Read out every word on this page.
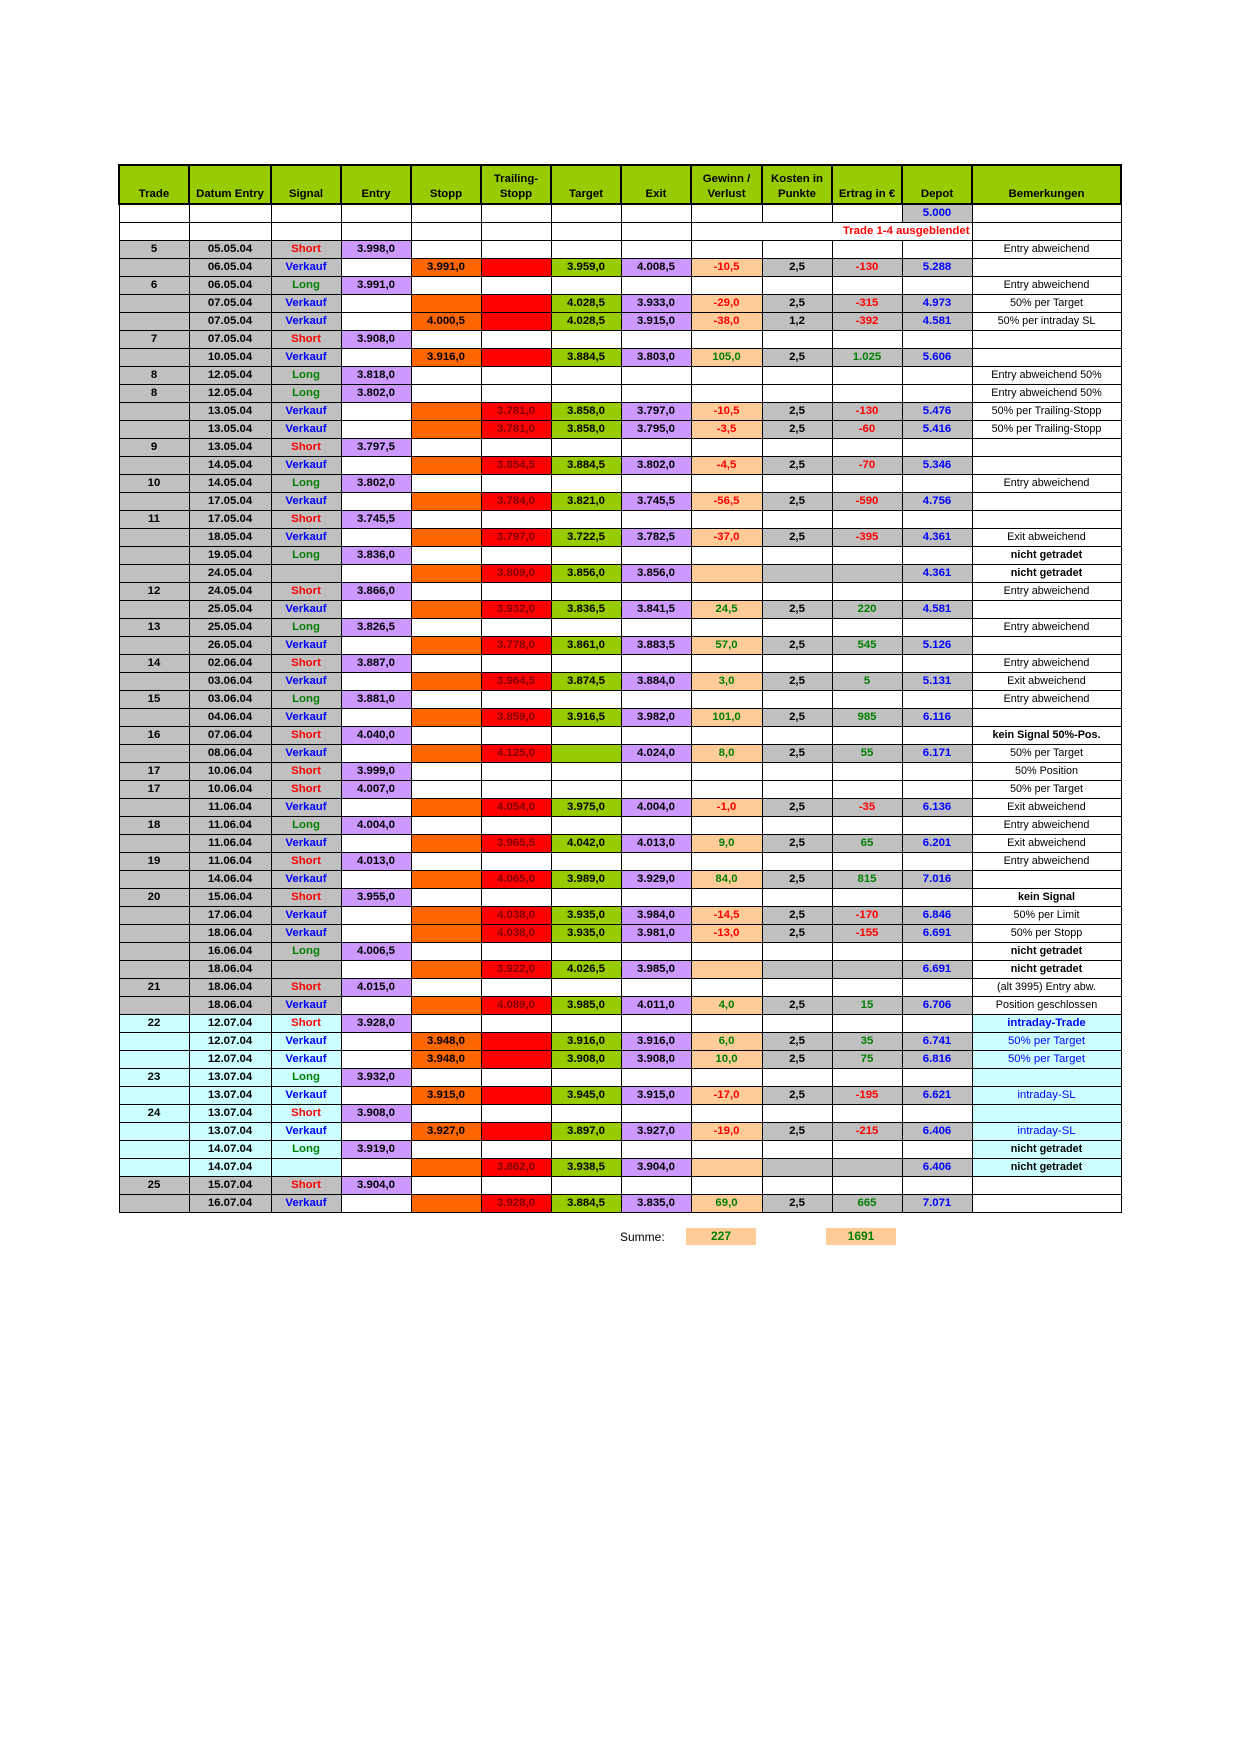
Trade	Datum Entry	Signal	Entry	Stopp	Trailing-Stopp	Target	Exit	Gewinn / Verlust	Kosten in Punkte	Ertrag in €	Depot	Bemerkungen
											5.000	
								Trade 1-4 ausgeblendet				
5	05.05.04	Short	3.998,0									Entry abweichend
	06.05.04	Verkauf		3.991,0		3.959,0	4.008,5	-10,5	2,5	-130	5.288	
6	06.05.04	Long	3.991,0									Entry abweichend
	07.05.04	Verkauf				4.028,5	3.933,0	-29,0	2,5	-315	4.973	50% per Target
	07.05.04	Verkauf		4.000,5		4.028,5	3.915,0	-38,0	1,2	-392	4.581	50% per intraday SL
7	07.05.04	Short	3.908,0									
	10.05.04	Verkauf		3.916,0		3.884,5	3.803,0	105,0	2,5	1.025	5.606	
8	12.05.04	Long	3.818,0									Entry abweichend 50%
8	12.05.04	Long	3.802,0									Entry abweichend 50%
	13.05.04	Verkauf			3.781,0	3.858,0	3.797,0	-10,5	2,5	-130	5.476	50% per Trailing-Stopp
	13.05.04	Verkauf			3.781,0	3.858,0	3.795,0	-3,5	2,5	-60	5.416	50% per Trailing-Stopp
9	13.05.04	Short	3.797,5									
	14.05.04	Verkauf			3.854,5	3.884,5	3.802,0	-4,5	2,5	-70	5.346	
10	14.05.04	Long	3.802,0									Entry abweichend
	17.05.04	Verkauf			3.784,0	3.821,0	3.745,5	-56,5	2,5	-590	4.756	
11	17.05.04	Short	3.745,5									
	18.05.04	Verkauf			3.797,0	3.722,5	3.782,5	-37,0	2,5	-395	4.361	Exit abweichend
	19.05.04	Long	3.836,0									nicht getradet
	24.05.04				3.809,0	3.856,0	3.856,0				4.361	nicht getradet
12	24.05.04	Short	3.866,0									Entry abweichend
	25.05.04	Verkauf			3.932,0	3.836,5	3.841,5	24,5	2,5	220	4.581	
13	25.05.04	Long	3.826,5									Entry abweichend
	26.05.04	Verkauf			3.778,0	3.861,0	3.883,5	57,0	2,5	545	5.126	
14	02.06.04	Short	3.887,0									Entry abweichend
	03.06.04	Verkauf			3.964,5	3.874,5	3.884,0	3,0	2,5	5	5.131	Exit abweichend
15	03.06.04	Long	3.881,0									Entry abweichend
	04.06.04	Verkauf			3.859,0	3.916,5	3.982,0	101,0	2,5	985	6.116	
16	07.06.04	Short	4.040,0									kein Signal 50%-Pos.
	08.06.04	Verkauf			4.125,0		4.024,0	8,0	2,5	55	6.171	50% per Target
17	10.06.04	Short	3.999,0									50% Position
17	10.06.04	Short	4.007,0									50% per Target
	11.06.04	Verkauf			4.054,0	3.975,0	4.004,0	-1,0	2,5	-35	6.136	Exit abweichend
18	11.06.04	Long	4.004,0									Entry abweichend
	11.06.04	Verkauf			3.965,5	4.042,0	4.013,0	9,0	2,5	65	6.201	Exit abweichend
19	11.06.04	Short	4.013,0									Entry abweichend
	14.06.04	Verkauf			4.065,0	3.989,0	3.929,0	84,0	2,5	815	7.016	
20	15.06.04	Short	3.955,0									kein Signal
	17.06.04	Verkauf			4.038,0	3.935,0	3.984,0	-14,5	2,5	-170	6.846	50% per Limit
	18.06.04	Verkauf			4.038,0	3.935,0	3.981,0	-13,0	2,5	-155	6.691	50% per Stopp
	16.06.04	Long	4.006,5									nicht getradet
	18.06.04				3.922,0	4.026,5	3.985,0				6.691	nicht getradet
21	18.06.04	Short	4.015,0									(alt 3995) Entry abw.
	18.06.04	Verkauf			4.089,0	3.985,0	4.011,0	4,0	2,5	15	6.706	Position geschlossen
22	12.07.04	Short	3.928,0									intraday-Trade
	12.07.04	Verkauf		3.948,0		3.916,0	3.916,0	6,0	2,5	35	6.741	50% per Target
	12.07.04	Verkauf		3.948,0		3.908,0	3.908,0	10,0	2,5	75	6.816	50% per Target
23	13.07.04	Long	3.932,0									
	13.07.04	Verkauf		3.915,0		3.945,0	3.915,0	-17,0	2,5	-195	6.621	intraday-SL
24	13.07.04	Short	3.908,0									
	13.07.04	Verkauf		3.927,0		3.897,0	3.927,0	-19,0	2,5	-215	6.406	intraday-SL
	14.07.04	Long	3.919,0									nicht getradet
	14.07.04				3.862,0	3.938,5	3.904,0				6.406	nicht getradet
25	15.07.04	Short	3.904,0									
	16.07.04	Verkauf			3.928,0	3.884,5	3.835,0	69,0	2,5	665	7.071	
Summe:	227	1691
